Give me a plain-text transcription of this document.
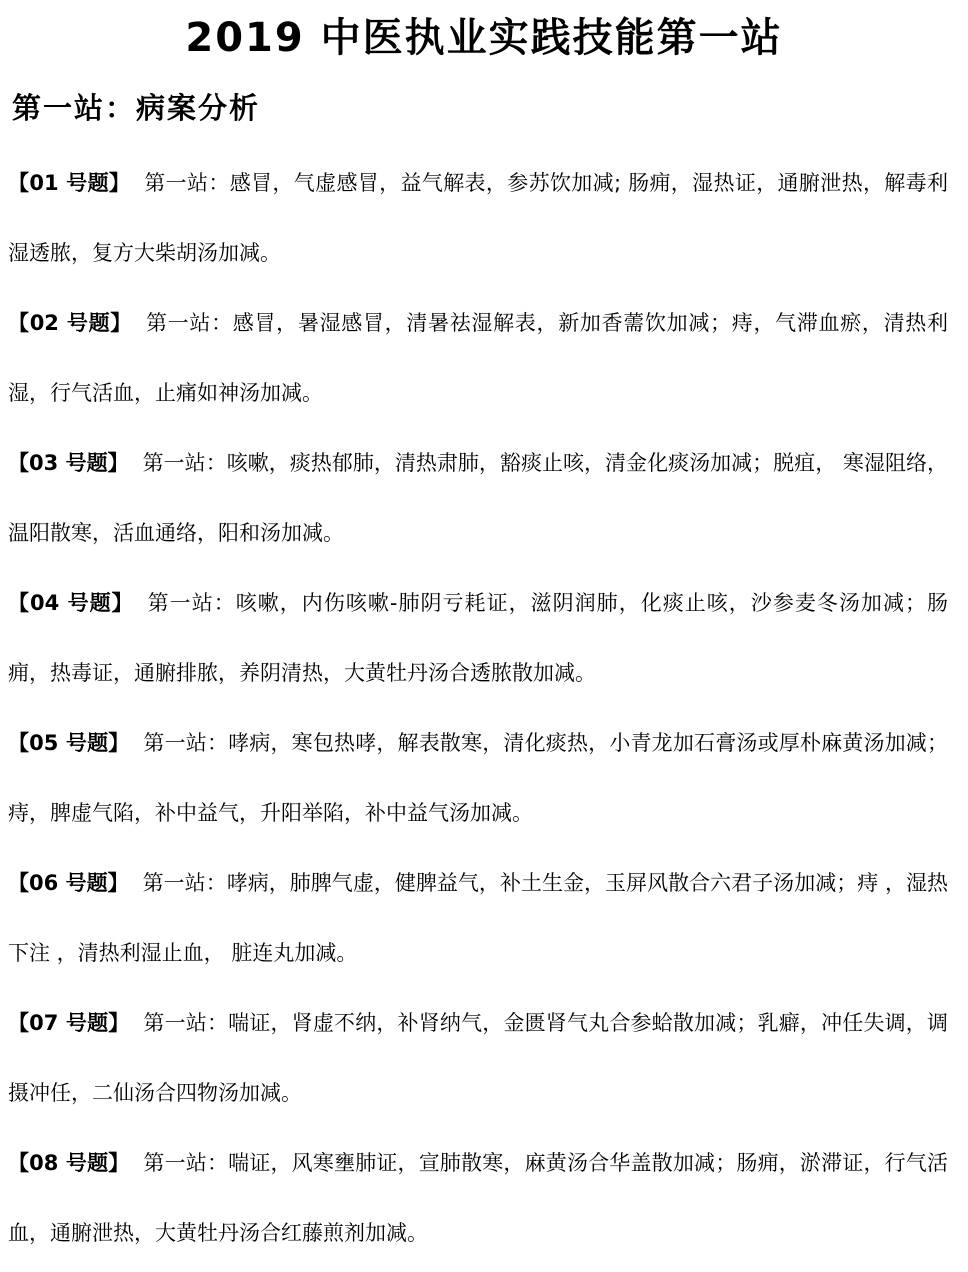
2019 中医执业实践技能第一站
第一站：病案分析

【01 号题】 第一站：感冒，气虚感冒，益气解表，参苏饮加减; 肠痈，湿热证，通腑泄热，解毒利湿透脓，复方大柴胡汤加减。

【02 号题】 第一站：感冒，暑湿感冒，清暑祛湿解表，新加香薷饮加减；痔，气滞血瘀，清热利湿，行气活血，止痛如神汤加减。

【03 号题】 第一站：咳嗽，痰热郁肺，清热肃肺，豁痰止咳，清金化痰汤加减；脱疽， 寒湿阻络，温阳散寒，活血通络，阳和汤加减。

【04 号题】 第一站：咳嗽，内伤咳嗽-肺阴亏耗证，滋阴润肺，化痰止咳，沙参麦冬汤加减；肠痈，热毒证，通腑排脓，养阴清热，大黄牡丹汤合透脓散加减。

【05 号题】 第一站：哮病，寒包热哮，解表散寒，清化痰热，小青龙加石膏汤或厚朴麻黄汤加减；痔，脾虚气陷，补中益气，升阳举陷，补中益气汤加减。

【06 号题】 第一站：哮病，肺脾气虚，健脾益气，补土生金，玉屏风散合六君子汤加减；痔 ，湿热下注 ，清热利湿止血， 脏连丸加减。

【07 号题】 第一站：喘证，肾虚不纳，补肾纳气，金匮肾气丸合参蛤散加减；乳癖，冲任失调，调摄冲任，二仙汤合四物汤加减。

【08 号题】 第一站：喘证，风寒壅肺证，宣肺散寒，麻黄汤合华盖散加减；肠痈，淤滞证，行气活血，通腑泄热，大黄牡丹汤合红藤煎剂加减。
